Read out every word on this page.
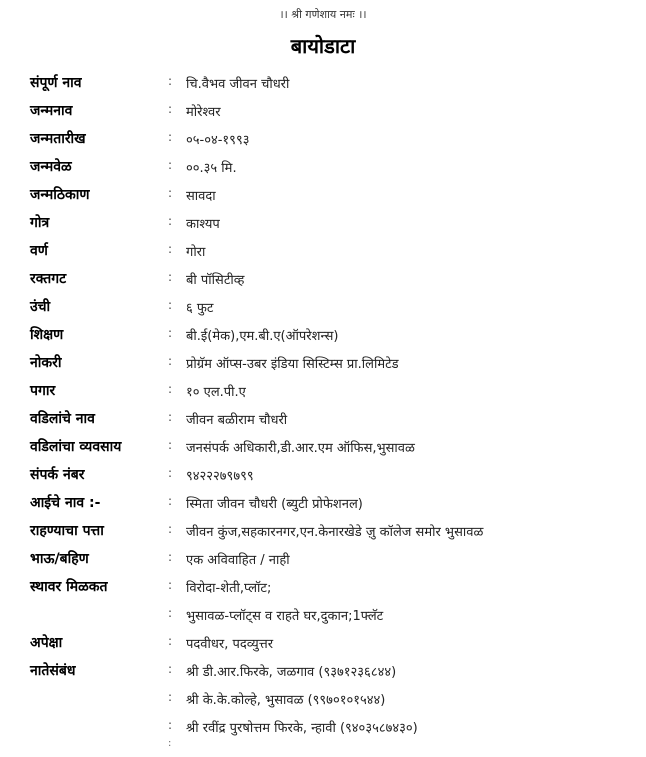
।। श्री गणेशाय नमः ।।
बायोडाटा
संपूर्ण नाव	: चि.वैभव जीवन चौधरी
जन्मनाव	: मोरेश्वर
जन्मतारीख	: ०५-०४-१९९३
जन्मवेळ	: ००.३५ मि.
जन्मठिकाण	: सावदा
गोत्र	: काश्यप
वर्ण	: गोरा
रक्तगट	: बी पॉसिटीव्ह
उंची	: ६ फुट
शिक्षण	: बी.ई(मेक),एम.बी.ए(ऑपरेशन्स)
नोकरी	: प्रोग्रॅम ऑप्स-उबर इंडिया सिस्टिम्स प्रा.लिमिटेड
पगार	: १० एल.पी.ए
वडिलांचे नाव	: जीवन बळीराम चौधरी
वडिलांचा व्यवसाय	: जनसंपर्क अधिकारी,डी.आर.एम ऑफिस,भुसावळ
संपर्क नंबर	: ९४२२२७९७९९
आईचे नाव :-	: स्मिता जीवन चौधरी (ब्युटी प्रोफेशनल)
राहण्याचा पत्ता	: जीवन कुंज,सहकारनगर,एन.केनारखेडे ज़ु कॉलेज समोर भुसावळ
भाऊ/बहिण	: एक अविवाहित / नाही
स्थावर मिळकत	: विरोदा-शेती,प्लॉट;
: भुसावळ-प्लॉट्स व राहते घर,दुकान;1फ्लॅट
अपेक्षा	: पदवीधर, पदव्युत्तर
नातेसंबंध	: श्री डी.आर.फिरके, जळगाव (९३७१२३६८४४)
: श्री के.के.कोल्हे, भुसावळ (९९७०१०१५४४)
: श्री रवींद्र पुरषोत्तम फिरके, न्हावी (९४०३५८७४३०)
:
